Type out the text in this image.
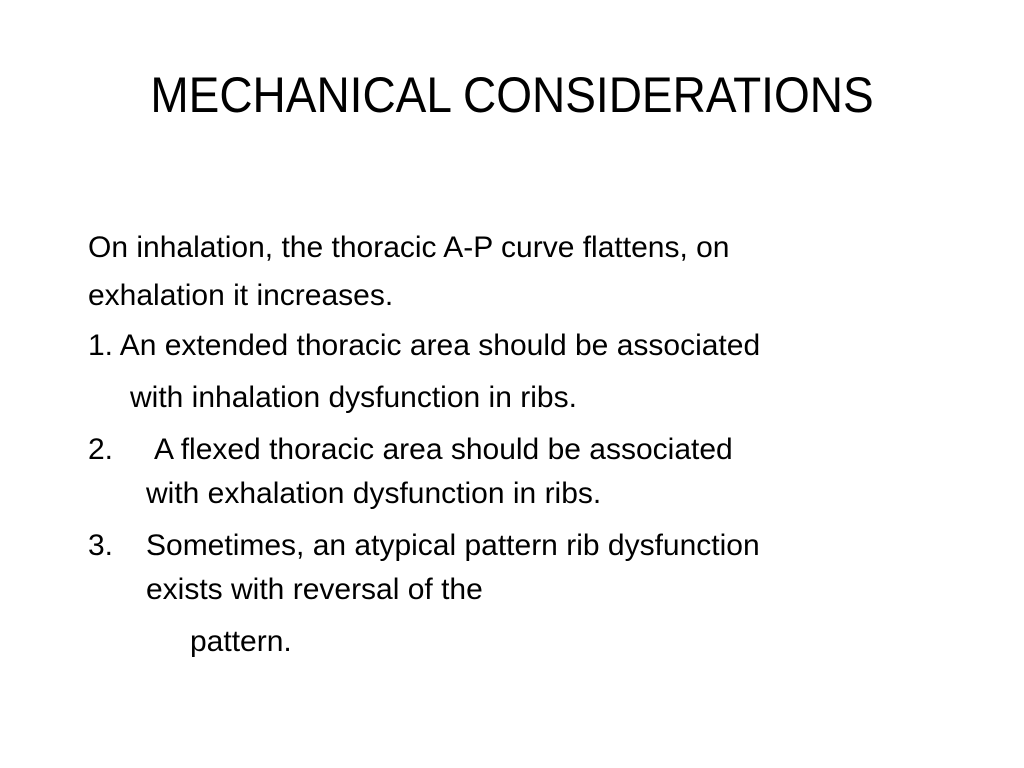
MECHANICAL CONSIDERATIONS
On inhalation, the thoracic A-P curve flattens, on
exhalation it increases.
1. An extended thoracic area should be associated
with inhalation dysfunction in ribs.
2. A flexed thoracic area should be associated
with exhalation dysfunction in ribs.
3. Sometimes, an atypical pattern rib dysfunction
exists with reversal of the
pattern.
